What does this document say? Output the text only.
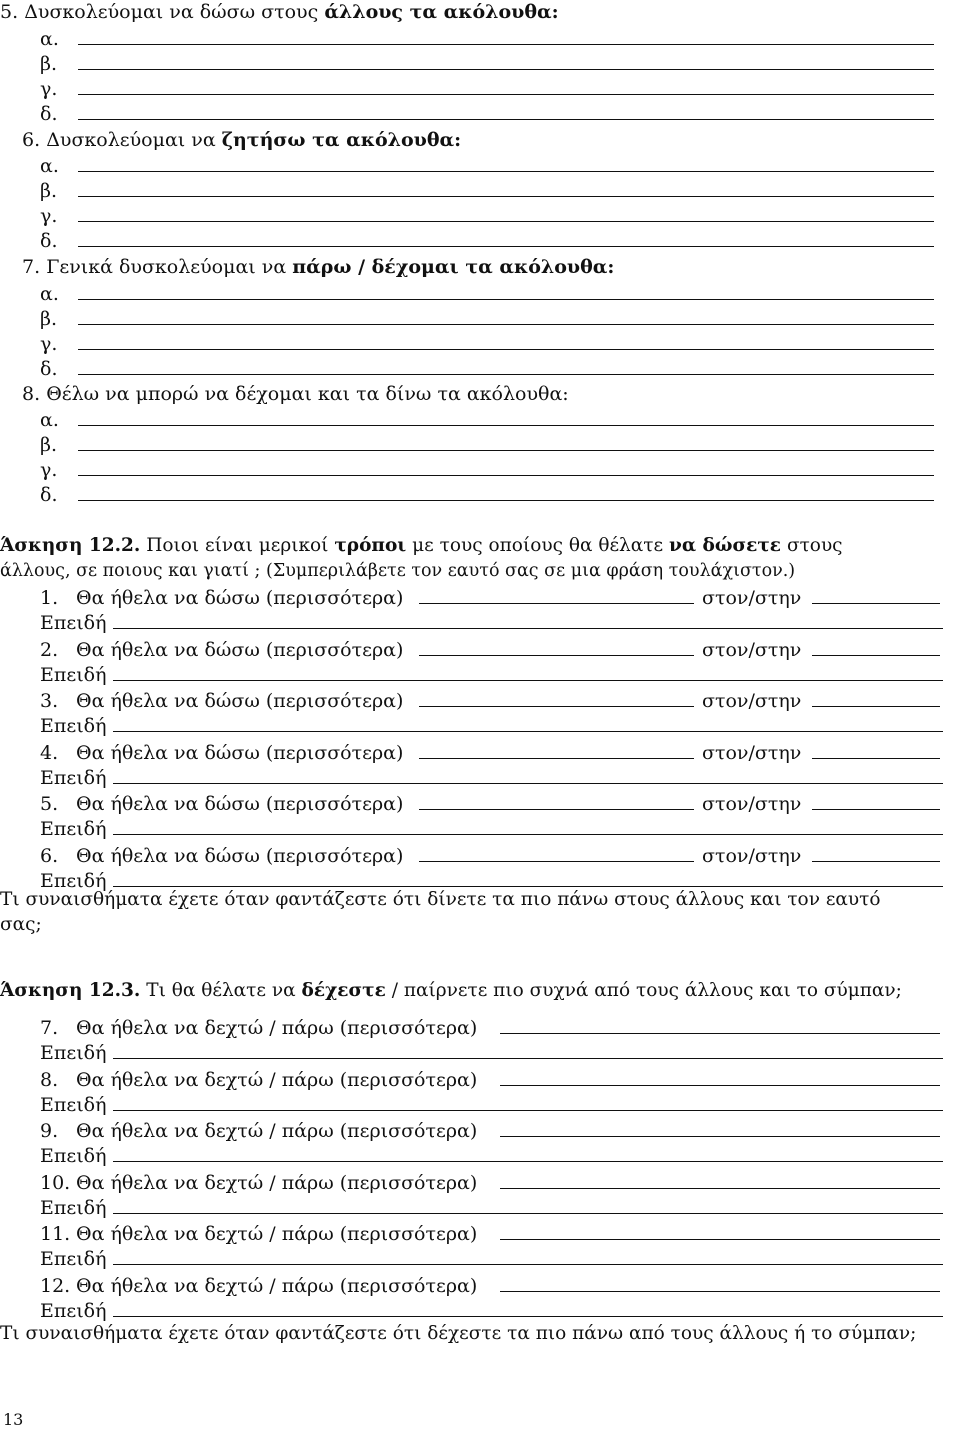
5. Δυσκολεύομαι να δώσω στους άλλους τα ακόλουθα:
α.
β.
γ.
δ.
6. Δυσκολεύομαι να ζητήσω τα ακόλουθα:
α.
β.
γ.
δ.
7. Γενικά δυσκολεύομαι να πάρω / δέχομαι τα ακόλουθα:
α.
β.
γ.
δ.
8. Θέλω να μπορώ να δέχομαι και τα δίνω τα ακόλουθα:
α.
β.
γ.
δ.
Άσκηση 12.2. Ποιοι είναι μερικοί τρόποι με τους οποίους θα θέλατε να δώσετε στους
άλλους, σε ποιους και γιατί ; (Συμπεριλάβετε τον εαυτό σας σε μια φράση τουλάχιστον.)
1. Θα ήθελα να δώσω (περισσότερα)	στον/στην
Επειδή
2. Θα ήθελα να δώσω (περισσότερα)	στον/στην
Επειδή
3. Θα ήθελα να δώσω (περισσότερα)	στον/στην
Επειδή
4. Θα ήθελα να δώσω (περισσότερα)	στον/στην
Επειδή
5. Θα ήθελα να δώσω (περισσότερα)	στον/στην
Επειδή
6. Θα ήθελα να δώσω (περισσότερα)	στον/στην
Επειδή
Τι συναισθήματα έχετε όταν φαντάζεστε ότι δίνετε τα πιο πάνω στους άλλους και τον εαυτό
σας;
Άσκηση 12.3. Τι θα θέλατε να δέχεστε / παίρνετε πιο συχνά από τους άλλους και το σύμπαν;
7. Θα ήθελα να δεχτώ / πάρω (περισσότερα)
Επειδή
8. Θα ήθελα να δεχτώ / πάρω (περισσότερα)
Επειδή
9. Θα ήθελα να δεχτώ / πάρω (περισσότερα)
Επειδή
10. Θα ήθελα να δεχτώ / πάρω (περισσότερα)
Επειδή
11. Θα ήθελα να δεχτώ / πάρω (περισσότερα)
Επειδή
12. Θα ήθελα να δεχτώ / πάρω (περισσότερα)
Επειδή
Τι συναισθήματα έχετε όταν φαντάζεστε ότι δέχεστε τα πιο πάνω από τους άλλους ή το σύμπαν;
13
